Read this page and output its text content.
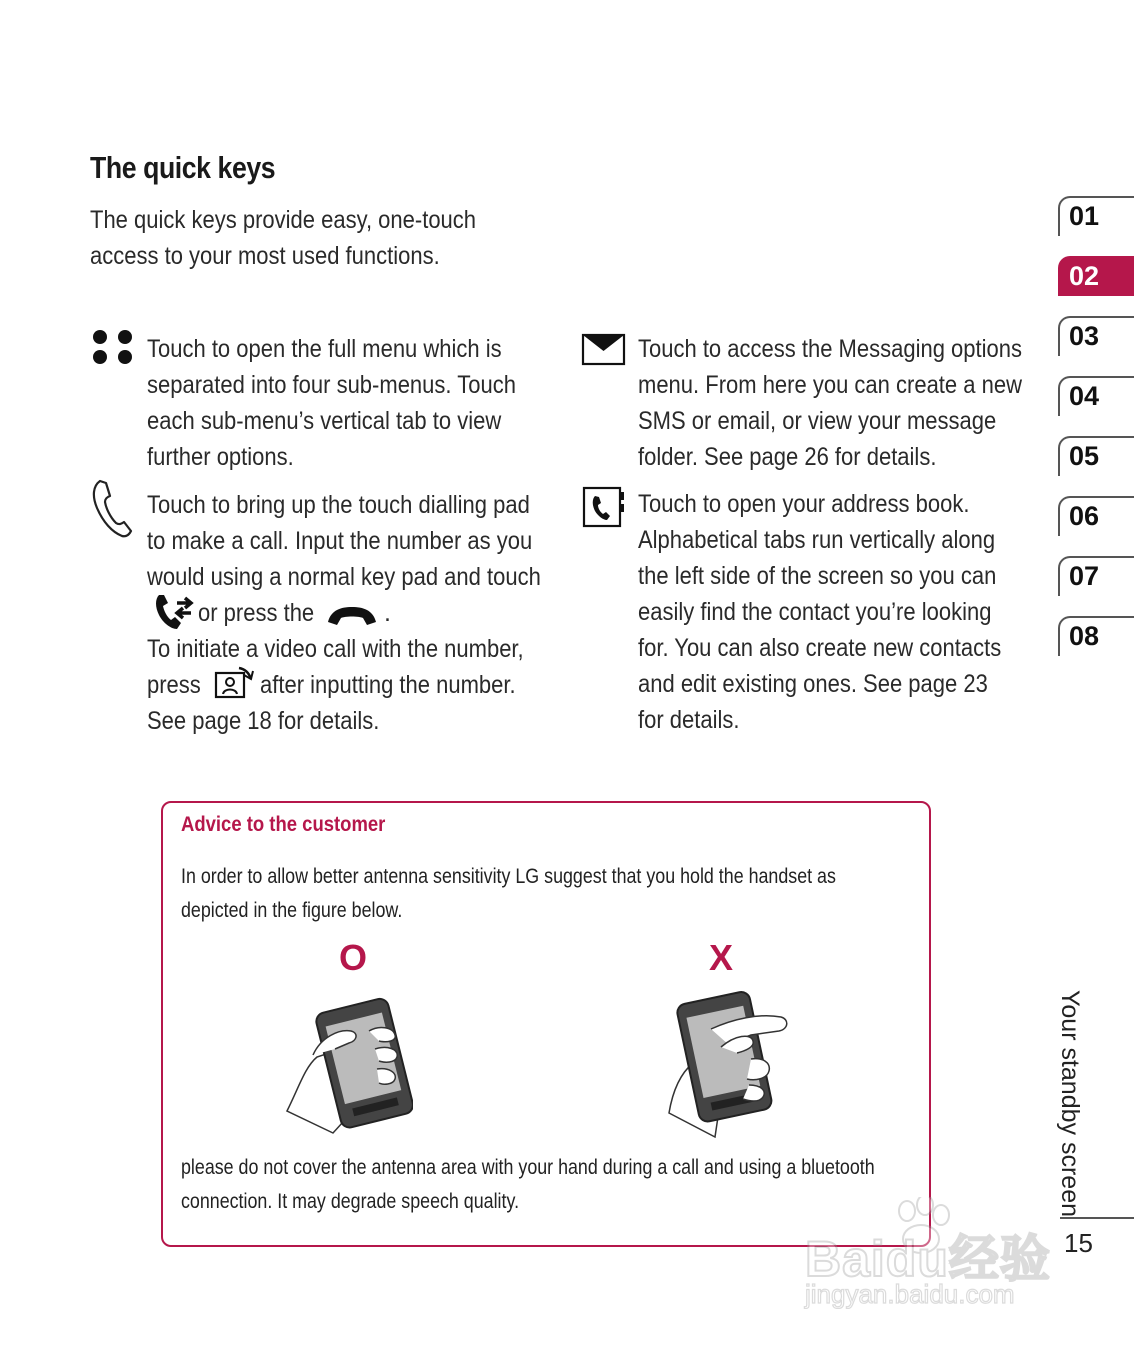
The quick keys
The quick keys provide easy, one-touch
access to your most used functions.
Touch to open the full menu which is
separated into four sub-menus. Touch
each sub-menu’s vertical tab to view
further options.
Touch to bring up the touch dialling pad
to make a call. Input the number as you
would using a normal key pad and touch
or press the	.
To initiate a video call with the number,
press after inputting the number.
See page 18 for details.
Touch to access the Messaging options
menu. From here you can create a new
SMS or email, or view your message
folder. See page 26 for details.
Touch to open your address book.
Alphabetical tabs run vertically along
the left side of the screen so you can
easily find the contact you’re looking
for. You can also create new contacts
and edit existing ones. See page 23
for details.
01
02
03
04
05
06
07
08
Your standby screen
15
Advice to the customer
In order to allow better antenna sensitivity LG suggest that you hold the handset as
depicted in the figure below.
O	X
please do not cover the antenna area with your hand during a call and using a bluetooth
connection. It may degrade speech quality.
Baidu经验
jingyan.baidu.com
